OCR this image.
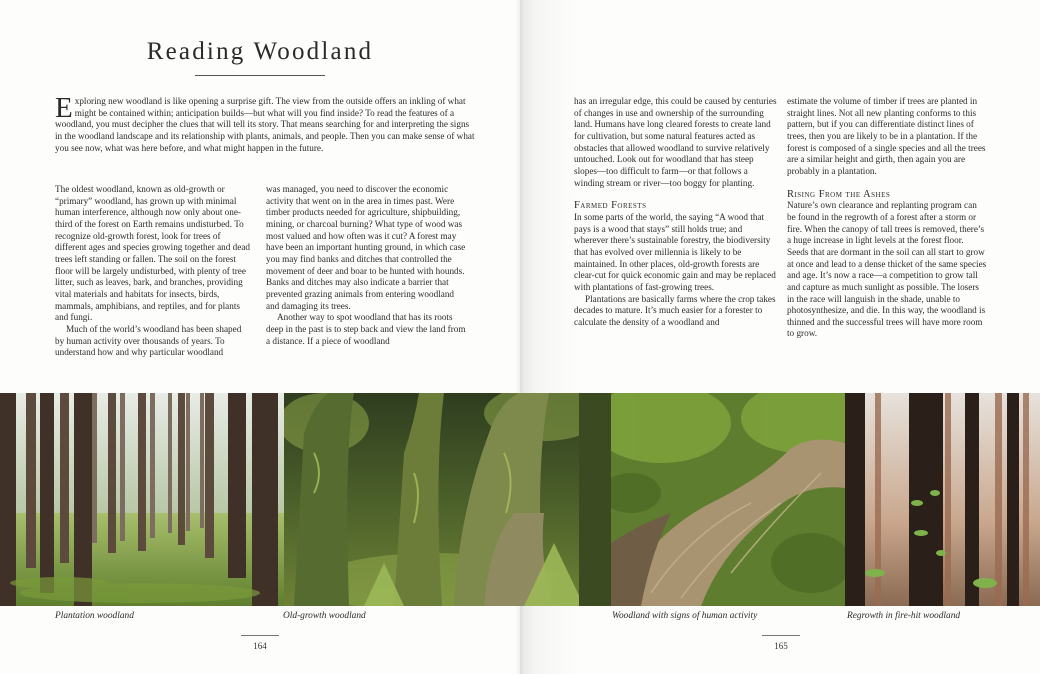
Reading Woodland
Exploring new woodland is like opening a surprise gift. The view from the outside offers an inkling of what might be contained within; anticipation builds—but what will you find inside? To read the features of a woodland, you must decipher the clues that will tell its story. That means searching for and interpreting the signs in the woodland landscape and its relationship with plants, animals, and people. Then you can make sense of what you see now, what was here before, and what might happen in the future.

The oldest woodland, known as old-growth or “primary” woodland, has grown up with minimal human interference, although now only about one-third of the forest on Earth remains undisturbed. To recognize old-growth forest, look for trees of different ages and species growing together and dead trees left standing or fallen. The soil on the forest floor will be largely undisturbed, with plenty of tree litter, such as leaves, bark, and branches, providing vital materials and habitats for insects, birds, mammals, amphibians, and reptiles, and for plants and fungi.

Much of the world’s woodland has been shaped by human activity over thousands of years. To understand how and why particular woodland

was managed, you need to discover the economic activity that went on in the area in times past. Were timber products needed for agriculture, shipbuilding, mining, or charcoal burning? What type of wood was most valued and how often was it cut? A forest may have been an important hunting ground, in which case you may find banks and ditches that controlled the movement of deer and boar to be hunted with hounds. Banks and ditches may also indicate a barrier that prevented grazing animals from entering woodland and damaging its trees.

Another way to spot woodland that has its roots deep in the past is to step back and view the land from a distance. If a piece of woodland

has an irregular edge, this could be caused by centuries of changes in use and ownership of the surrounding land. Humans have long cleared forests to create land for cultivation, but some natural features acted as obstacles that allowed woodland to survive relatively untouched. Look out for woodland that has steep slopes—too difficult to farm—or that follows a winding stream or river—too boggy for planting.

Farmed Forests

In some parts of the world, the saying “A wood that pays is a wood that stays” still holds true; and wherever there’s sustainable forestry, the biodiversity that has evolved over millennia is likely to be maintained. In other places, old-growth forests are clear-cut for quick economic gain and may be replaced with plantations of fast-growing trees.

Plantations are basically farms where the crop takes decades to mature. It’s much easier for a forester to calculate the density of a woodland and

estimate the volume of timber if trees are planted in straight lines. Not all new planting conforms to this pattern, but if you can differentiate distinct lines of trees, then you are likely to be in a plantation. If the forest is composed of a single species and all the trees are a similar height and girth, then again you are probably in a plantation.

Rising From the Ashes

Nature’s own clearance and replanting program can be found in the regrowth of a forest after a storm or fire. When the canopy of tall trees is removed, there’s a huge increase in light levels at the forest floor. Seeds that are dormant in the soil can all start to grow at once and lead to a dense thicket of the same species and age. It’s now a race—a competition to grow tall and capture as much sunlight as possible. The losers in the race will languish in the shade, unable to photosynthesize, and die. In this way, the woodland is thinned and the successful trees will have more room to grow.

Plantation woodland	Old-growth woodland	Woodland with signs of human activity	Regrowth in fire-hit woodland
164	165
